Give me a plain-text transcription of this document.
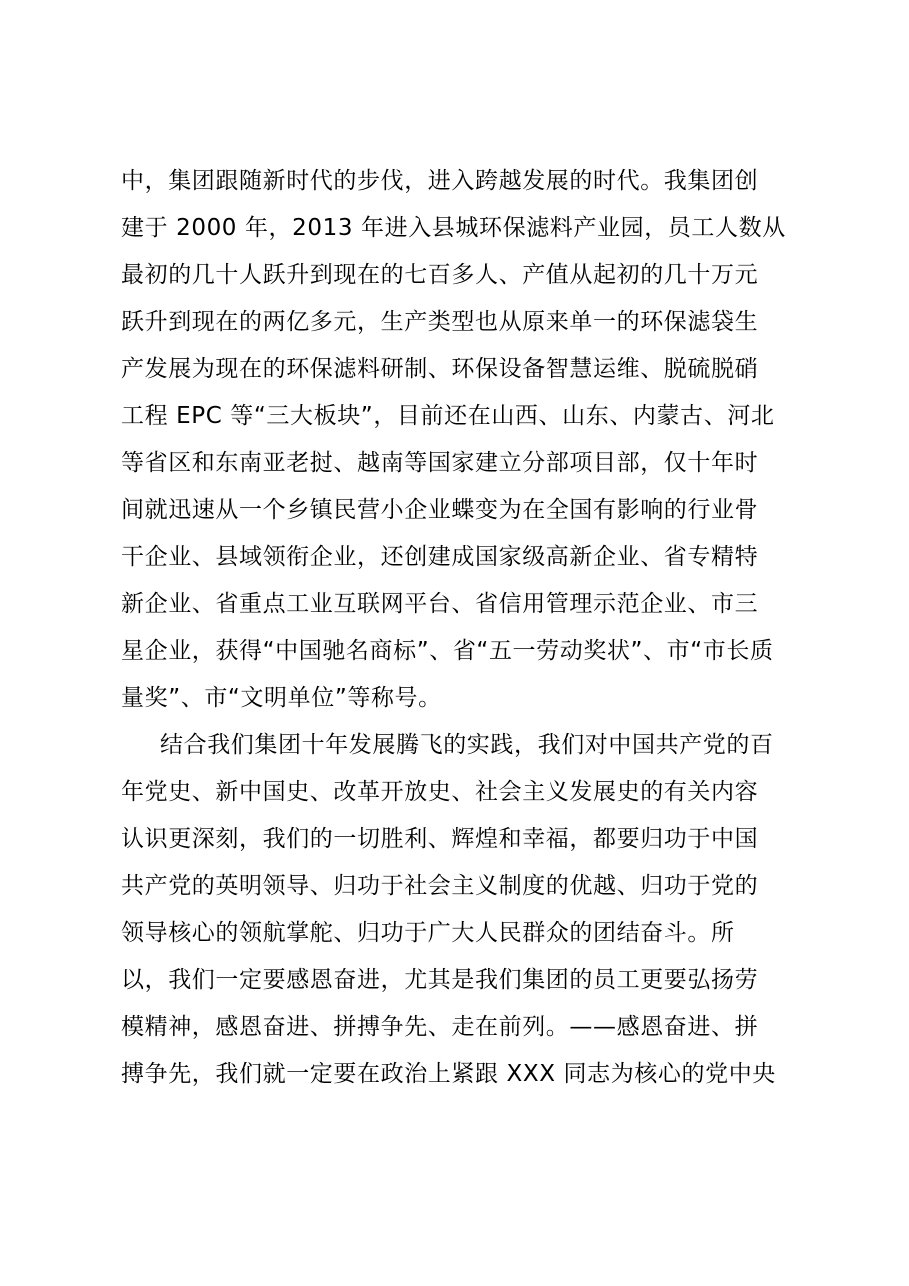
中，集团跟随新时代的步伐，进入跨越发展的时代。我集团创
建于 2000 年，2013 年进入县城环保滤料产业园，员工人数从
最初的几十人跃升到现在的七百多人、产值从起初的几十万元
跃升到现在的两亿多元，生产类型也从原来单一的环保滤袋生
产发展为现在的环保滤料研制、环保设备智慧运维、脱硫脱硝
工程 EPC 等“三大板块”，目前还在山西、山东、内蒙古、河北
等省区和东南亚老挝、越南等国家建立分部项目部，仅十年时
间就迅速从一个乡镇民营小企业蝶变为在全国有影响的行业骨
干企业、县域领衔企业，还创建成国家级高新企业、省专精特
新企业、省重点工业互联网平台、省信用管理示范企业、市三
星企业，获得“中国驰名商标”、省“五一劳动奖状”、市“市长质
量奖”、市“文明单位”等称号。
结合我们集团十年发展腾飞的实践，我们对中国共产党的百
年党史、新中国史、改革开放史、社会主义发展史的有关内容
认识更深刻，我们的一切胜利、辉煌和幸福，都要归功于中国
共产党的英明领导、归功于社会主义制度的优越、归功于党的
领导核心的领航掌舵、归功于广大人民群众的团结奋斗。所
以，我们一定要感恩奋进，尤其是我们集团的员工更要弘扬劳
模精神，感恩奋进、拼搏争先、走在前列。——感恩奋进、拼
搏争先，我们就一定要在政治上紧跟 XXX 同志为核心的党中央
